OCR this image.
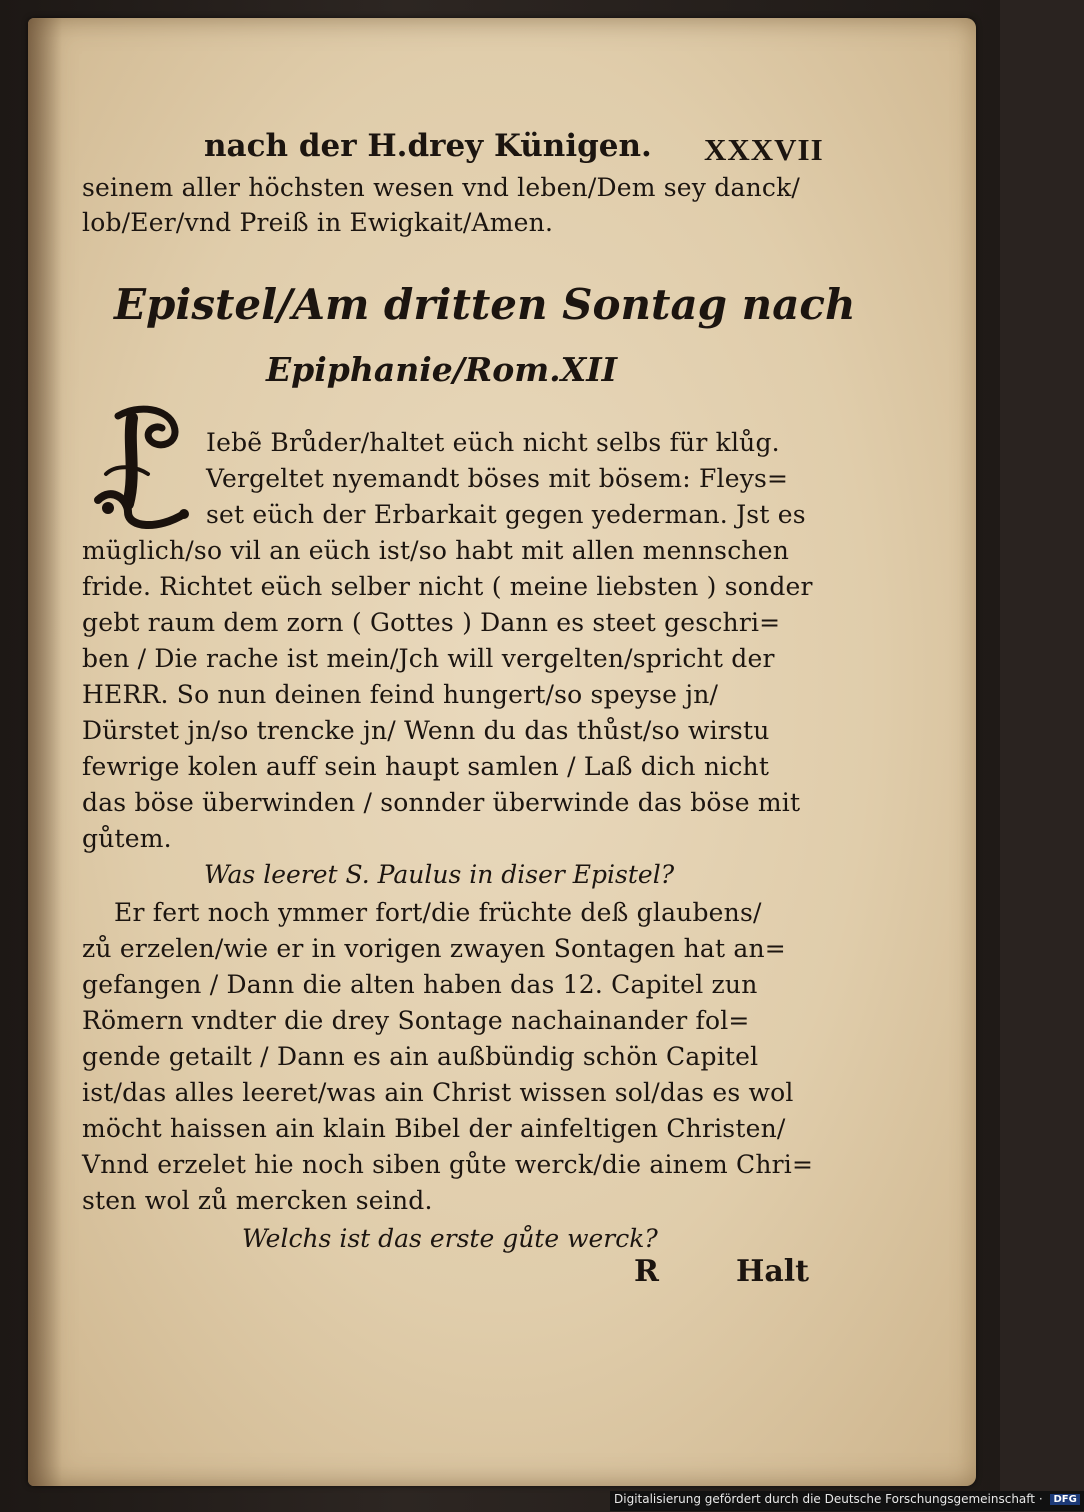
nach der H.drey Künigen. XXXVII
seinem aller höchsten wesen vnd leben/Dem sey danck/
lob/Eer/vnd Preiß in Ewigkait/Amen.
Epistel/Am dritten Sontag nach
Epiphanie/Rom.XII
Iebẽ Brůder/haltet eüch nicht selbs für klůg.
Vergeltet nyemandt böses mit bösem: Fleys=
set eüch der Erbarkait gegen yederman. Jst es
müglich/so vil an eüch ist/so habt mit allen mennschen
fride. Richtet eüch selber nicht ( meine liebsten ) sonder
gebt raum dem zorn ( Gottes ) Dann es steet geschri=
ben / Die rache ist mein/Jch will vergelten/spricht der
HERR. So nun deinen feind hungert/so speyse jn/
Dürstet jn/so trencke jn/ Wenn du das thůst/so wirstu
fewrige kolen auff sein haupt samlen / Laß dich nicht
das böse überwinden / sonnder überwinde das böse mit
gůtem.
Was leeret S. Paulus in diser Epistel?
Er fert noch ymmer fort/die früchte deß glaubens/
zů erzelen/wie er in vorigen zwayen Sontagen hat an=
gefangen / Dann die alten haben das 12. Capitel zun
Römern vndter die drey Sontage nachainander fol=
gende getailt / Dann es ain außbündig schön Capitel
ist/das alles leeret/was ain Christ wissen sol/das es wol
möcht haissen ain klain Bibel der ainfeltigen Christen/
Vnnd erzelet hie noch siben gůte werck/die ainem Chri=
sten wol zů mercken seind.
Welchs ist das erste gůte werck?
R	Halt
Digitalisierung gefördert durch die Deutsche Forschungsgemeinschaft · DFG
